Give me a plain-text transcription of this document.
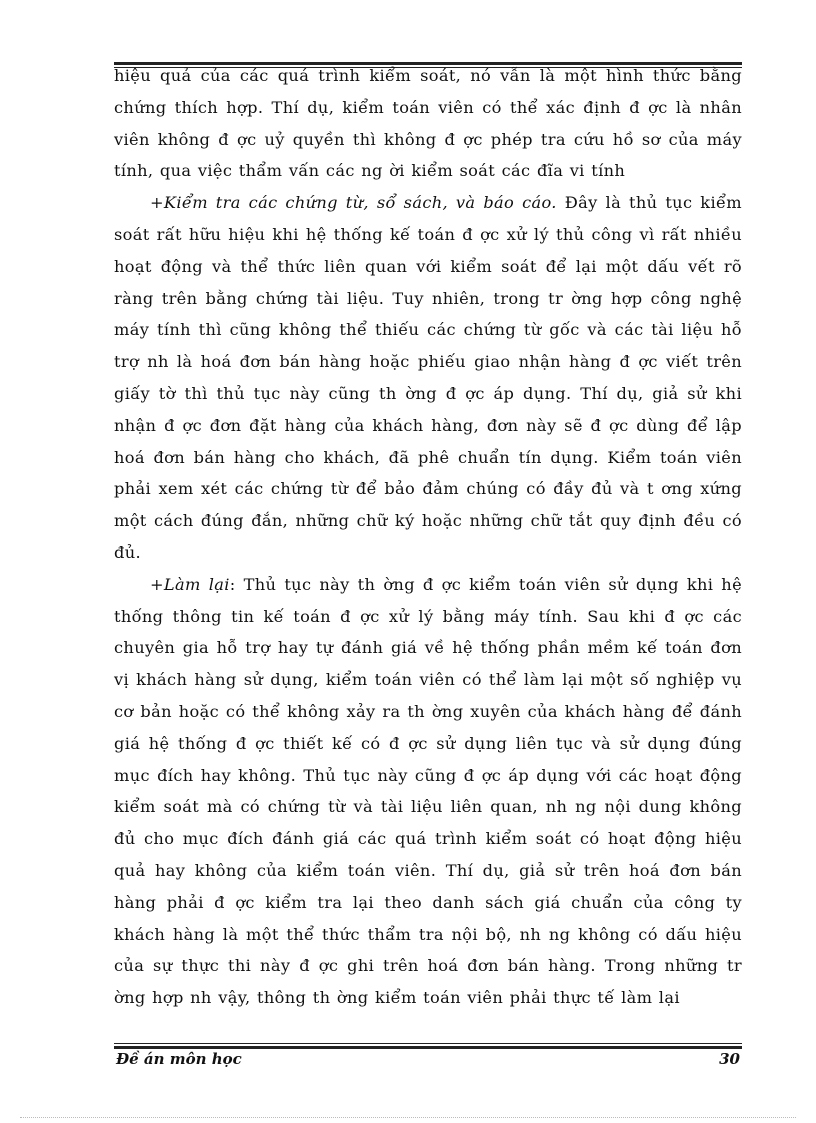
hiệu quả của các quá trình kiểm soát, nó vẫn là một hình thức bằng chứng thích hợp. Thí dụ, kiểm toán viên có thể xác định đ ợc là nhân viên không đ ợc uỷ quyền thì không đ ợc phép tra cứu hồ sơ của máy tính, qua việc thẩm vấn các ng ời kiểm soát các đĩa vi tính

+Kiểm tra các chứng từ, sổ sách, và báo cáo. Đây là thủ tục kiểm soát rất hữu hiệu khi hệ thống kế toán đ ợc xử lý thủ công vì rất nhiều hoạt động và thể thức liên quan với kiểm soát để lại một dấu vết rõ ràng trên bằng chứng tài liệu. Tuy nhiên, trong tr ờng hợp công nghệ máy tính thì cũng không thể thiếu các chứng từ gốc và các tài liệu hỗ trợ nh là hoá đơn bán hàng hoặc phiếu giao nhận hàng đ ợc viết trên giấy tờ thì thủ tục này cũng th ờng đ ợc áp dụng. Thí dụ, giả sử khi nhận đ ợc đơn đặt hàng của khách hàng, đơn này sẽ đ ợc dùng để lập hoá đơn bán hàng cho khách, đã phê chuẩn tín dụng. Kiểm toán viên phải xem xét các chứng từ để bảo đảm chúng có đầy đủ và t ơng xứng một cách đúng đắn, những chữ ký hoặc những chữ tắt quy định đều có đủ.

+Làm lại: Thủ tục này th ờng đ ợc kiểm toán viên sử dụng khi hệ thống thông tin kế toán đ ợc xử lý bằng máy tính. Sau khi đ ợc các chuyên gia hỗ trợ hay tự đánh giá về hệ thống phần mềm kế toán đơn vị khách hàng sử dụng, kiểm toán viên có thể làm lại một số nghiệp vụ cơ bản hoặc có thể không xảy ra th ờng xuyên của khách hàng để đánh giá hệ thống đ ợc thiết kế có đ ợc sử dụng liên tục và sử dụng đúng mục đích hay không. Thủ tục này cũng đ ợc áp dụng với các hoạt động kiểm soát mà có chứng từ và tài liệu liên quan, nh ng nội dung không đủ cho mục đích đánh giá các quá trình kiểm soát có hoạt động hiệu quả hay không của kiểm toán viên. Thí dụ, giả sử trên hoá đơn bán hàng phải đ ợc kiểm tra lại theo danh sách giá chuẩn của công ty khách hàng là một thể thức thẩm tra nội bộ, nh ng không có dấu hiệu của sự thực thi này đ ợc ghi trên hoá đơn bán hàng. Trong những tr ờng hợp nh vậy, thông th ờng kiểm toán viên phải thực tế làm lại

Đề án môn học	30
